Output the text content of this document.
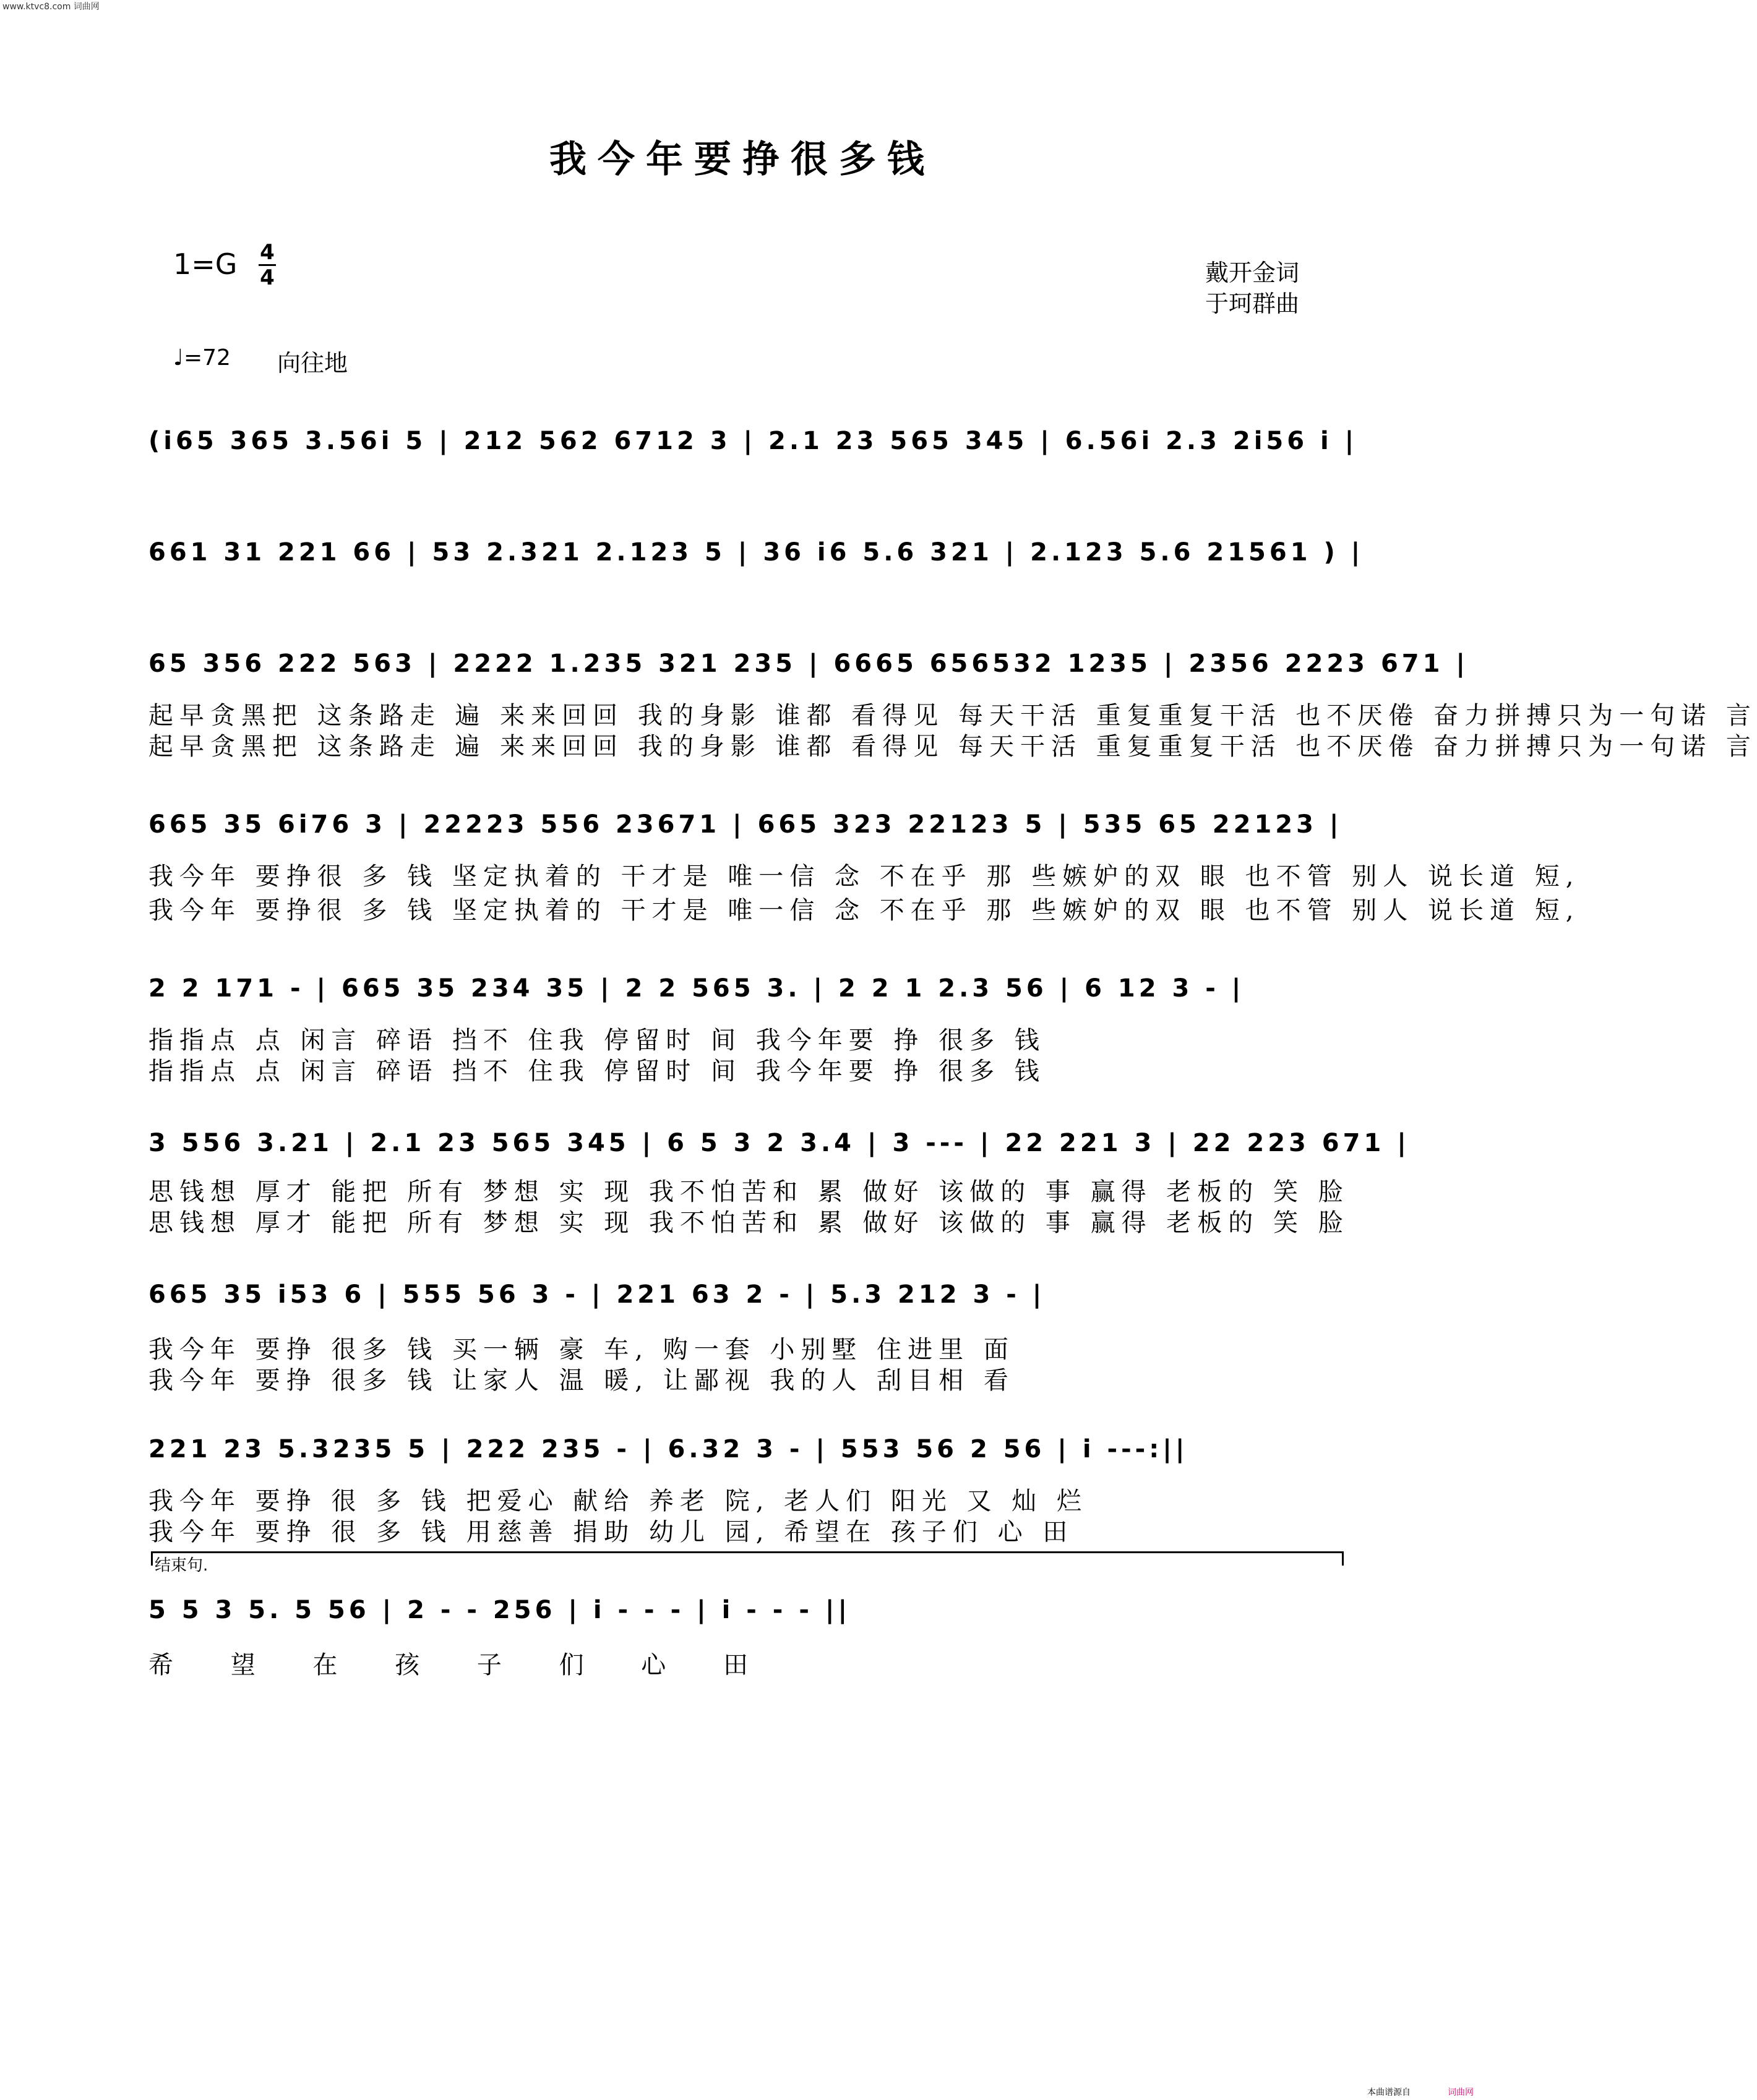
www.ktvc8.com 词曲网
我今年要挣很多钱
1=G 4
4	戴开金词
于珂群曲
♩=72 向往地
(i65 365 3.56i 5 | 212 562 6712 3 | 2.1 23 565 345 | 6.56i 2.3 2i56 i |
661 31 221 66 | 53 2.321 2.123 5 | 36 i6 5.6 321 | 2.123 5.6 21561 ) |
65 356 222 563 | 2222 1.235 321 235 | 6665 656532 1235 | 2356 2223 671 |
起早贪黑把 这条路走 遍 来来回回 我的身影 谁都 看得见 每天干活 重复重复干活 也不厌倦 奋力拼搏只为一句诺 言
起早贪黑把 这条路走 遍 来来回回 我的身影 谁都 看得见 每天干活 重复重复干活 也不厌倦 奋力拼搏只为一句诺 言
665 35 6i76 3 | 22223 556 23671 | 665 323 22123 5 | 535 65 22123 |
我今年 要挣很 多 钱 坚定执着的 干才是 唯一信 念 不在乎 那 些嫉妒的双 眼 也不管 别人 说长道 短,
我今年 要挣很 多 钱 坚定执着的 干才是 唯一信 念 不在乎 那 些嫉妒的双 眼 也不管 别人 说长道 短,
2 2 171 - | 665 35 234 35 | 2 2 565 3. | 2 2 1 2.3 56 | 6 12 3 - |
指指点 点 闲言 碎语 挡不 住我 停留时 间 我今年要 挣 很多 钱
指指点 点 闲言 碎语 挡不 住我 停留时 间 我今年要 挣 很多 钱
3 556 3.21 | 2.1 23 565 345 | 6 5 3 2 3.4 | 3 --- | 22 221 3 | 22 223 671 |
思钱想 厚才 能把 所有 梦想 实 现 我不怕苦和 累 做好 该做的 事 赢得 老板的 笑 脸
思钱想 厚才 能把 所有 梦想 实 现 我不怕苦和 累 做好 该做的 事 赢得 老板的 笑 脸
665 35 i53 6 | 555 56 3 - | 221 63 2 - | 5.3 212 3 - |
我今年 要挣 很多 钱 买一辆 豪 车, 购一套 小别墅 住进里 面
我今年 要挣 很多 钱 让家人 温 暖, 让鄙视 我的人 刮目相 看
221 23 5.3235 5 | 222 235 - | 6.32 3 - | 553 56 2 56 | i ---:||
我今年 要挣 很 多 钱 把爱心 献给 养老 院, 老人们 阳光 又 灿 烂
我今年 要挣 很 多 钱 用慈善 捐助 幼儿 园, 希望在 孩子们 心 田
结束句.
5 5 3 5. 5 56 | 2 - - 256 | i - - - | i - - - ||
希 望 在 孩 子 们 心 田
本曲谱源自	词曲网
